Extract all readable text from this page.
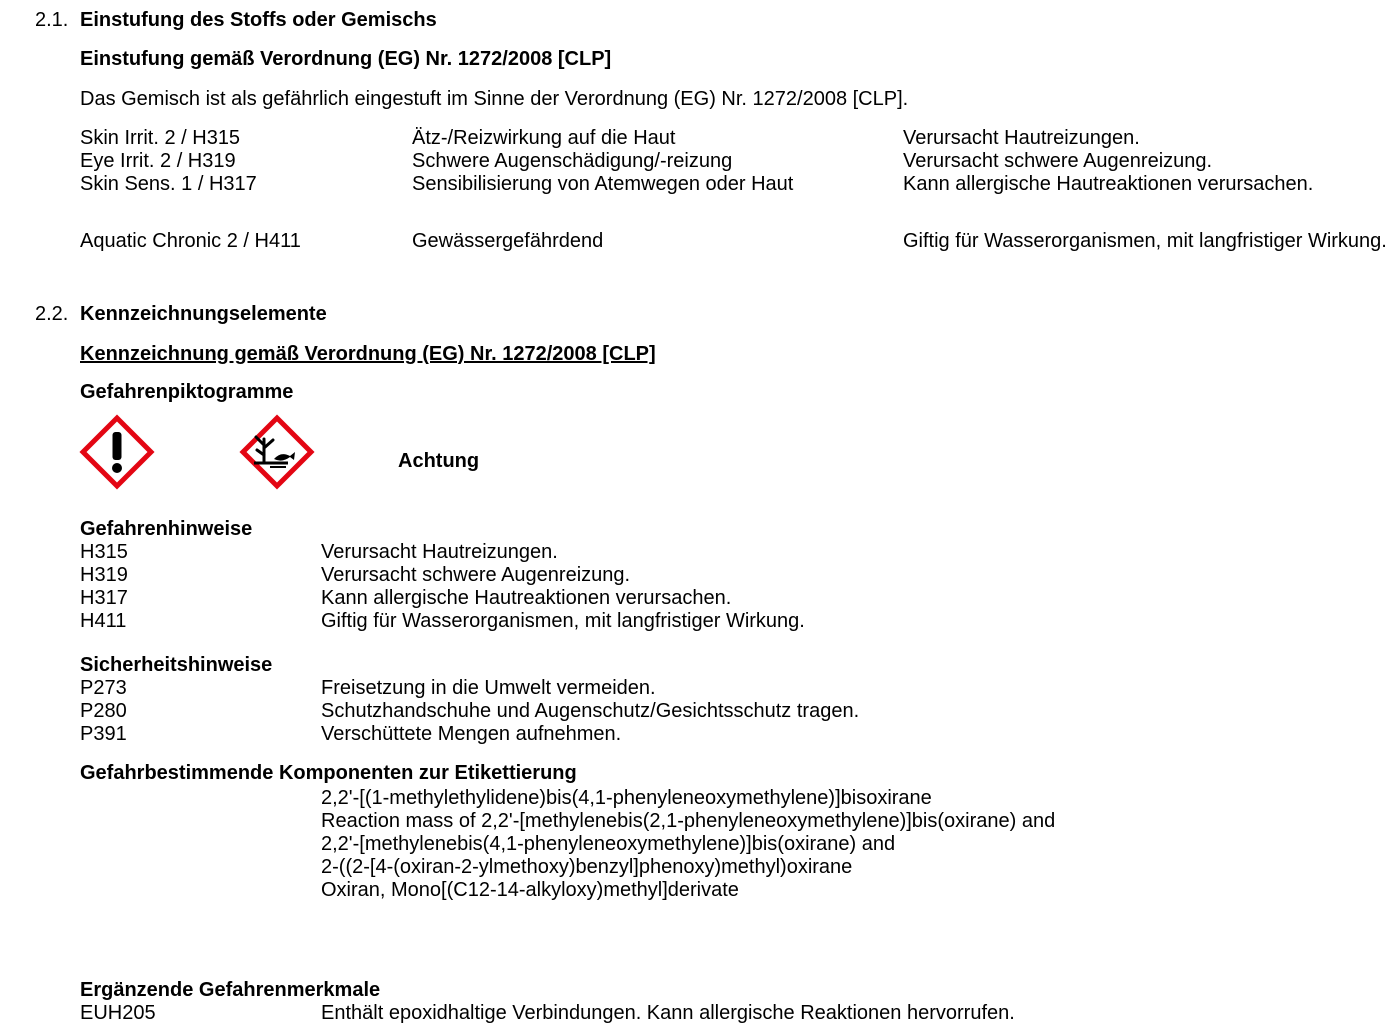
2.1. Einstufung des Stoffs oder Gemischs
Einstufung gemäß Verordnung (EG) Nr. 1272/2008 [CLP]
Das Gemisch ist als gefährlich eingestuft im Sinne der Verordnung (EG) Nr. 1272/2008 [CLP].
Skin Irrit. 2 / H315	Ätz-/Reizwirkung auf die Haut	Verursacht Hautreizungen.
Eye Irrit. 2 / H319	Schwere Augenschädigung/-reizung	Verursacht schwere Augenreizung.
Skin Sens. 1 / H317	Sensibilisierung von Atemwegen oder Haut	Kann allergische Hautreaktionen verursachen.
Aquatic Chronic 2 / H411	Gewässergefährdend	Giftig für Wasserorganismen, mit langfristiger Wirkung.
2.2. Kennzeichnungselemente
Kennzeichnung gemäß Verordnung (EG) Nr. 1272/2008 [CLP]
Gefahrenpiktogramme
Achtung
Gefahrenhinweise
H315	Verursacht Hautreizungen.
H319	Verursacht schwere Augenreizung.
H317	Kann allergische Hautreaktionen verursachen.
H411	Giftig für Wasserorganismen, mit langfristiger Wirkung.
Sicherheitshinweise
P273	Freisetzung in die Umwelt vermeiden.
P280	Schutzhandschuhe und Augenschutz/Gesichtsschutz tragen.
P391	Verschüttete Mengen aufnehmen.
Gefahrbestimmende Komponenten zur Etikettierung
2,2'-[(1-methylethylidene)bis(4,1-phenyleneoxymethylene)]bisoxirane
Reaction mass of 2,2'-[methylenebis(2,1-phenyleneoxymethylene)]bis(oxirane) and
2,2'-[methylenebis(4,1-phenyleneoxymethylene)]bis(oxirane) and
2-((2-[4-(oxiran-2-ylmethoxy)benzyl]phenoxy)methyl)oxirane
Oxiran, Mono[(C12-14-alkyloxy)methyl]derivate
Ergänzende Gefahrenmerkmale
EUH205	Enthält epoxidhaltige Verbindungen. Kann allergische Reaktionen hervorrufen.
